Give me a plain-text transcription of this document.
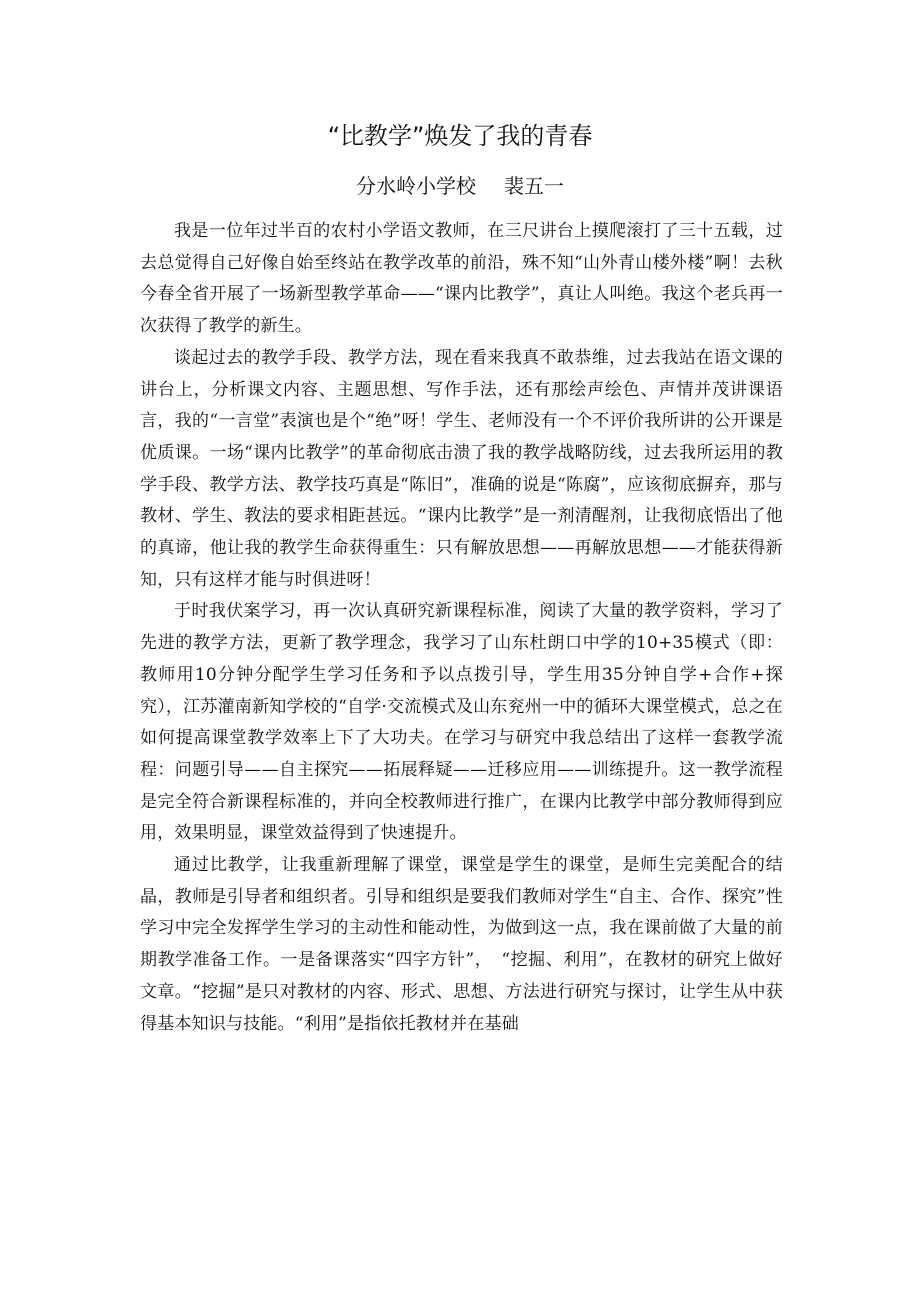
“比教学”焕发了我的青春
分水岭小学校 裴五一

我是一位年过半百的农村小学语文教师，在三尺讲台上摸爬滚打了三十五载，过去总觉得自己好像自始至终站在教学改革的前沿，殊不知“山外青山楼外楼”啊！去秋今春全省开展了一场新型教学革命——“课内比教学”，真让人叫绝。我这个老兵再一次获得了教学的新生。

谈起过去的教学手段、教学方法，现在看来我真不敢恭维，过去我站在语文课的讲台上，分析课文内容、主题思想、写作手法，还有那绘声绘色、声情并茂讲课语言，我的“一言堂”表演也是个“绝”呀！学生、老师没有一个不评价我所讲的公开课是优质课。一场“课内比教学”的革命彻底击溃了我的教学战略防线，过去我所运用的教学手段、教学方法、教学技巧真是“陈旧”，准确的说是“陈腐”，应该彻底摒弃，那与教材、学生、教法的要求相距甚远。“课内比教学”是一剂清醒剂，让我彻底悟出了他的真谛，他让我的教学生命获得重生：只有解放思想——再解放思想——才能获得新知，只有这样才能与时俱进呀！

于时我伏案学习，再一次认真研究新课程标准，阅读了大量的教学资料，学习了先进的教学方法，更新了教学理念，我学习了山东杜朗口中学的10+35模式（即：教师用10分钟分配学生学习任务和予以点拨引导，学生用35分钟自学+合作+探究），江苏灌南新知学校的“自学·交流模式及山东兖州一中的循环大课堂模式，总之在如何提高课堂教学效率上下了大功夫。在学习与研究中我总结出了这样一套教学流程：问题引导——自主探究——拓展释疑——迁移应用——训练提升。这一教学流程是完全符合新课程标准的，并向全校教师进行推广，在课内比教学中部分教师得到应用，效果明显，课堂效益得到了快速提升。

通过比教学，让我重新理解了课堂，课堂是学生的课堂，是师生完美配合的结晶，教师是引导者和组织者。引导和组织是要我们教师对学生“自主、合作、探究”性学习中完全发挥学生学习的主动性和能动性，为做到这一点，我在课前做了大量的前期教学准备工作。一是备课落实“四字方针”，　“挖掘、利用”，在教材的研究上做好文章。“挖掘”是只对教材的内容、形式、思想、方法进行研究与探讨，让学生从中获得基本知识与技能。“利用”是指依托教材并在基础
